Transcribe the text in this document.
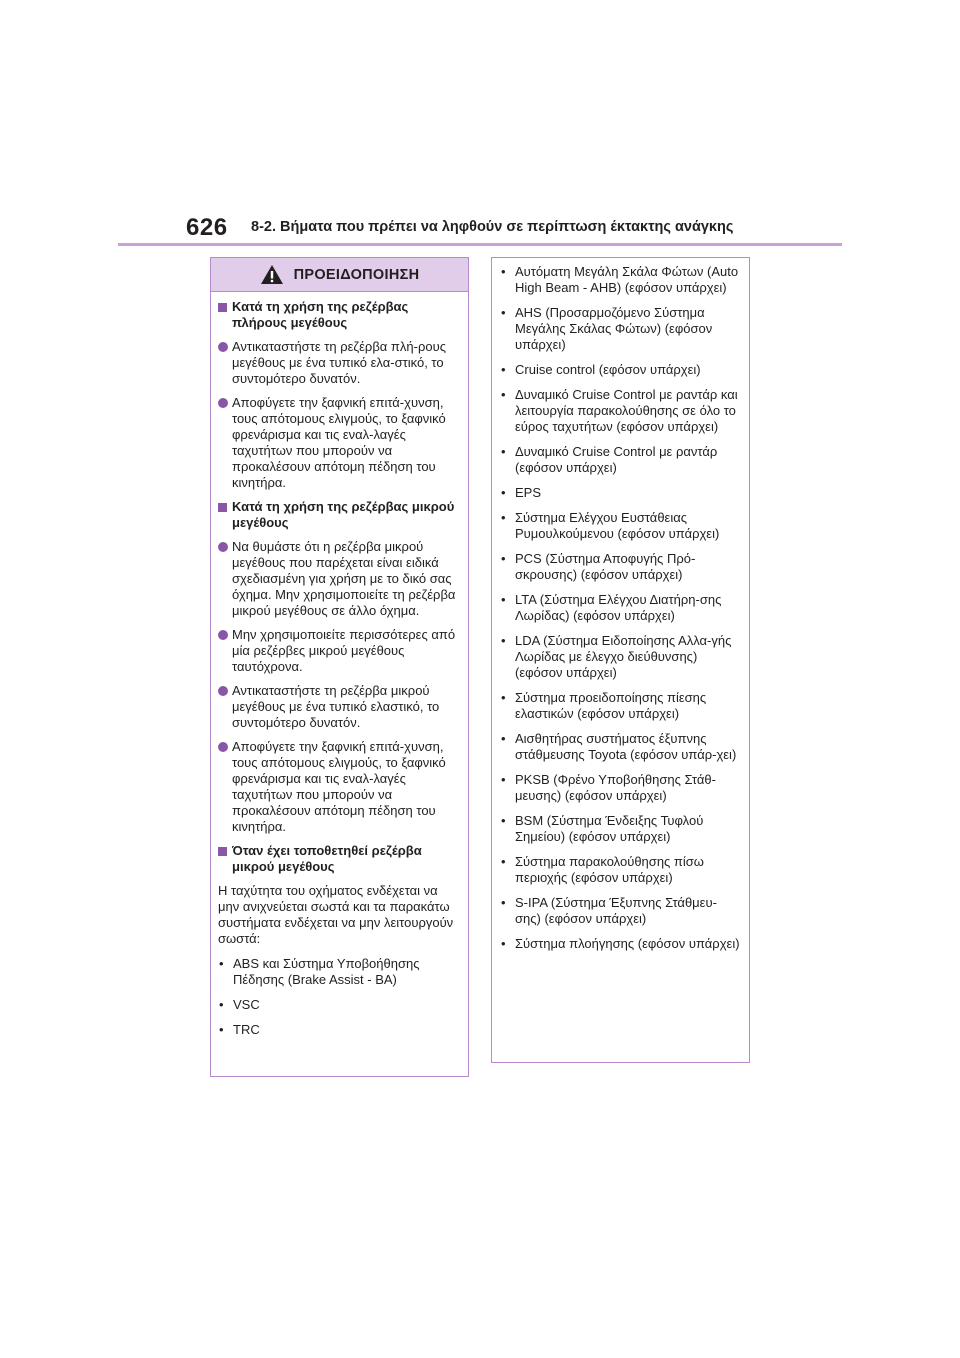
626 8-2. Βήματα που πρέπει να ληφθούν σε περίπτωση έκτακτης ανάγκης
ΠΡΟΕΙΔΟΠΟΙΗΣΗ
Κατά τη χρήση της ρεζέρβας πλήρους μεγέθους
Αντικαταστήστε τη ρεζέρβα πλή-ρους μεγέθους με ένα τυπικό ελα-στικό, το συντομότερο δυνατόν.
Αποφύγετε την ξαφνική επιτά-χυνση, τους απότομους ελιγμούς, το ξαφνικό φρενάρισμα και τις εναλ-λαγές ταχυτήτων που μπορούν να προκαλέσουν απότομη πέδηση του κινητήρα.
Κατά τη χρήση της ρεζέρβας μικρού μεγέθους
Να θυμάστε ότι η ρεζέρβα μικρού μεγέθους που παρέχεται είναι ειδικά σχεδιασμένη για χρήση με το δικό σας όχημα. Μην χρησιμοποιείτε τη ρεζέρβα μικρού μεγέθους σε άλλο όχημα.
Μην χρησιμοποιείτε περισσότερες από μία ρεζέρβες μικρού μεγέθους ταυτόχρονα.
Αντικαταστήστε τη ρεζέρβα μικρού μεγέθους με ένα τυπικό ελαστικό, το συντομότερο δυνατόν.
Αποφύγετε την ξαφνική επιτά-χυνση, τους απότομους ελιγμούς, το ξαφνικό φρενάρισμα και τις εναλ-λαγές ταχυτήτων που μπορούν να προκαλέσουν απότομη πέδηση του κινητήρα.
Όταν έχει τοποθετηθεί ρεζέρβα μικρού μεγέθους
Η ταχύτητα του οχήματος ενδέχεται να μην ανιχνεύεται σωστά και τα παρακάτω συστήματα ενδέχεται να μην λειτουργούν σωστά:
• ABS και Σύστημα Υποβοήθησης Πέδησης (Brake Assist - BA)
• VSC
• TRC
• Αυτόματη Μεγάλη Σκάλα Φώτων (Auto High Beam - AHB) (εφόσον υπάρχει)
• AHS (Προσαρμοζόμενο Σύστημα Μεγάλης Σκάλας Φώτων) (εφόσον υπάρχει)
• Cruise control (εφόσον υπάρχει)
• Δυναμικό Cruise Control με ραντάρ και λειτουργία παρακολούθησης σε όλο το εύρος ταχυτήτων (εφόσον υπάρχει)
• Δυναμικό Cruise Control με ραντάρ (εφόσον υπάρχει)
• EPS
• Σύστημα Ελέγχου Ευστάθειας Ρυμουλκούμενου (εφόσον υπάρχει)
• PCS (Σύστημα Αποφυγής Πρό-σκρουσης) (εφόσον υπάρχει)
• LTA (Σύστημα Ελέγχου Διατήρη-σης Λωρίδας) (εφόσον υπάρχει)
• LDA (Σύστημα Ειδοποίησης Αλλα-γής Λωρίδας με έλεγχο διεύθυνσης) (εφόσον υπάρχει)
• Σύστημα προειδοποίησης πίεσης ελαστικών (εφόσον υπάρχει)
• Αισθητήρας συστήματος έξυπνης στάθμευσης Toyota (εφόσον υπάρ-χει)
• PKSB (Φρένο Υποβοήθησης Στάθ-μευσης) (εφόσον υπάρχει)
• BSM (Σύστημα Ένδειξης Τυφλού Σημείου) (εφόσον υπάρχει)
• Σύστημα παρακολούθησης πίσω περιοχής (εφόσον υπάρχει)
• S-IPA (Σύστημα Έξυπνης Στάθμευ-σης) (εφόσον υπάρχει)
• Σύστημα πλοήγησης (εφόσον υπάρχει)
